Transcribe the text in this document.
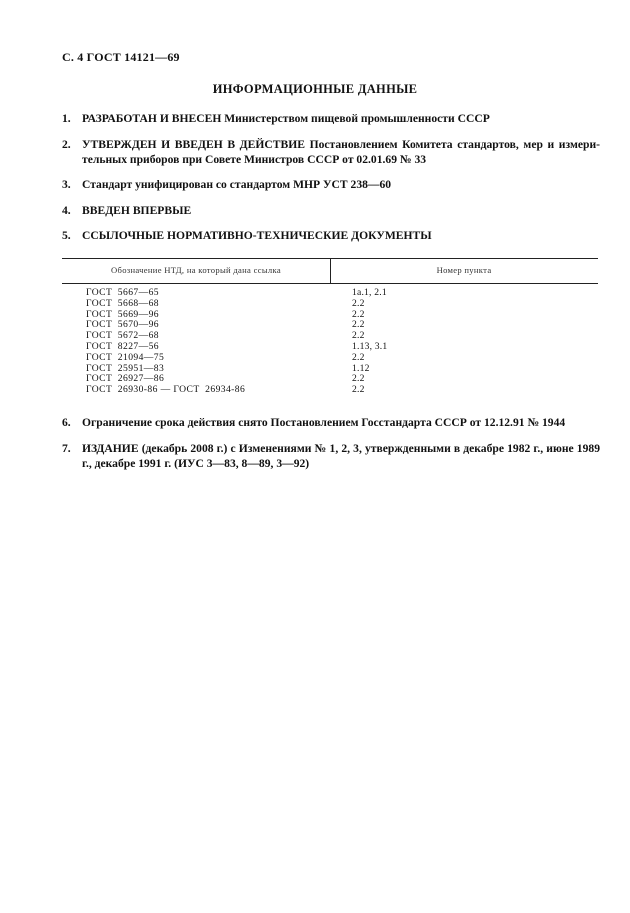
С. 4 ГОСТ 14121—69
ИНФОРМАЦИОННЫЕ ДАННЫЕ
1. РАЗРАБОТАН И ВНЕСЕН Министерством пищевой промышленности СССР
2. УТВЕРЖДЕН И ВВЕДЕН В ДЕЙСТВИЕ Постановлением Комитета стандартов, мер и измери-тельных приборов при Совете Министров СССР от 02.01.69 № 33
3. Стандарт унифицирован со стандартом МНР УСТ 238—60
4. ВВЕДЕН ВПЕРВЫЕ
5. ССЫЛОЧНЫЕ НОРМАТИВНО-ТЕХНИЧЕСКИЕ ДОКУМЕНТЫ
Обозначение НТД, на который дана ссылка	Номер пункта
ГОСТ  5667—65	1а.1, 2.1
ГОСТ  5668—68	2.2
ГОСТ  5669—96	2.2
ГОСТ  5670—96	2.2
ГОСТ  5672—68	2.2
ГОСТ  8227—56	1.13, 3.1
ГОСТ  21094—75	2.2
ГОСТ  25951—83	1.12
ГОСТ  26927—86	2.2
ГОСТ  26930-86 — ГОСТ  26934-86	2.2
6. Ограничение срока действия снято Постановлением Госстандарта СССР от 12.12.91 № 1944
7. ИЗДАНИЕ (декабрь 2008 г.) с Изменениями № 1, 2, 3, утвержденными в декабре 1982 г., июне 1989 г., декабре 1991 г. (ИУС 3—83, 8—89, 3—92)
